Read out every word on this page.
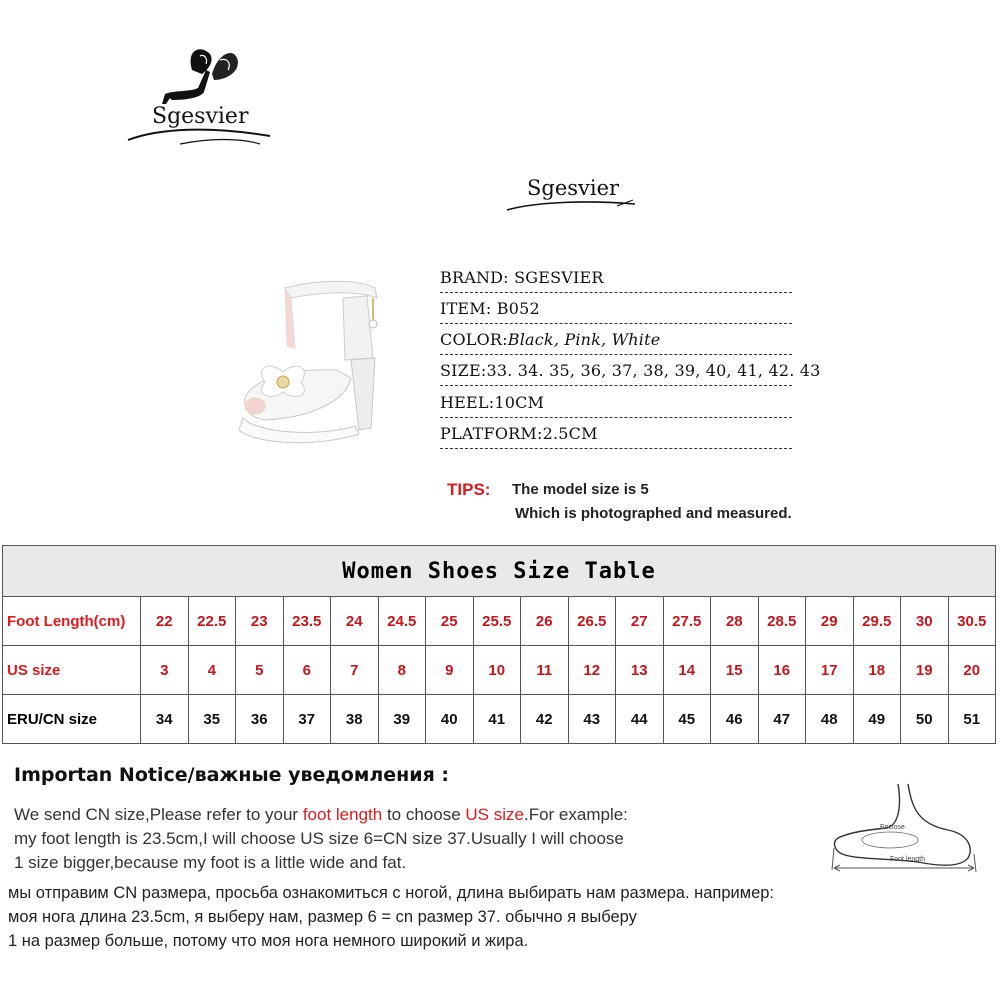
Sgesvier
Sgesvier
BRAND: SGESVIER
ITEM: B052
COLOR:Black, Pink, White
SIZE:33. 34. 35, 36, 37, 38, 39, 40, 41, 42. 43
HEEL:10CM
PLATFORM:2.5CM
TIPS: The model size is 5
Which is photographed and measured.
Women Shoes Size Table																		
Foot Length(cm)	22	22.5	23	23.5	24	24.5	25	25.5	26	26.5	27	27.5	28	28.5	29	29.5	30	30.5
US size	3	4	5	6	7	8	9	10	11	12	13	14	15	16	17	18	19	20
ERU/CN size	34	35	36	37	38	39	40	41	42	43	44	45	46	47	48	49	50	51
Importan Notice/важные уведомления :
We send CN size,Please refer to your foot length to choose US size.For example:
my foot length is 23.5cm,I will choose US size 6=CN size 37.Usually I will choose
1 size bigger,because my foot is a little wide and fat.
мы отправим CN размера, просьба ознакомиться с ногой, длина выбирать нам размера. например:
моя нога длина 23.5cm, я выберу нам, размер 6 = cn размер 37. обычно я выберу
1 на размер больше, потому что моя нога немного широкий и жира.
Enclose
Foot length
